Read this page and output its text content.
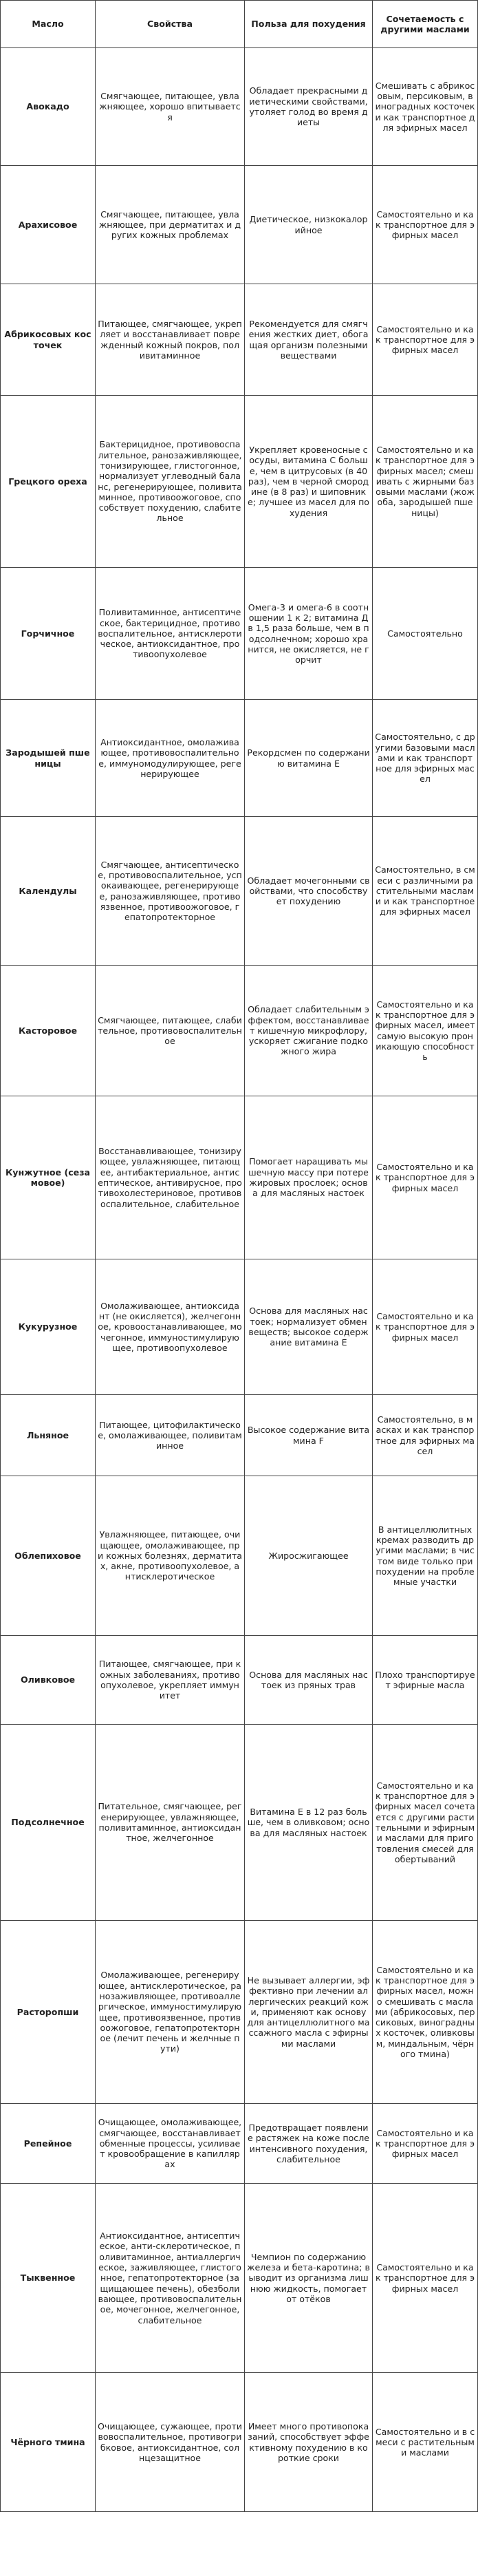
Масло	Свойства	Польза для похудения	Сочетаемость с другими маслами

Авокадо	Смягчающее, питающее, увлажняющее, хорошо впитывается	Обладает прекрасными диетическими свойствами, утоляет голод во время диеты	Смешивать с абрикосовым, персиковым, виноградных косточек и как транспортное для эфирных масел

Арахисовое	Смягчающее, питающее, увлажняющее, при дерматитах и других кожных проблемах	Диетическое, низкокалорийное	Самостоятельно и как транспортное для эфирных масел

Абрикосовых косточек	Питающее, смягчающее, укрепляет и восстанавливает поврежденный кожный покров, поливитаминное	Рекомендуется для смягчения жестких диет, обогащая организм полезными веществами	Самостоятельно и как транспортное для эфирных масел

Грецкого ореха	Бактерицидное, противовоспалительное, ранозаживляющее, тонизирующее, глистогонное, нормализует углеводный баланс, регенерирующее, поливитаминное, противоожоговое, способствует похудению, слабительное	Укрепляет кровеносные сосуды, витамина С больше, чем в цитрусовых (в 40 раз), чем в черной смородине (в 8 раз) и шиповнике; лучшее из масел для похудения	Самостоятельно и как транспортное для эфирных масел; смешивать с жирными базовыми маслами (жожоба, зародышей пшеницы)

Горчичное	Поливитаминное, антисептическое, бактерицидное, противовоспалительное, антисклеротическое, антиоксидантное, противоопухолевое	Омега-3 и омега-6 в соотношении 1 к 2; витамина Д в 1,5 раза больше, чем в подсолнечном; хорошо хранится, не окисляется, не горчит	Самостоятельно

Зародышей пшеницы	Антиоксидантное, омолаживающее, противовоспалительное, иммуномодулирующее, регенерирующее	Рекордсмен по содержанию витамина Е	Самостоятельно, с другими базовыми маслами и как транспортное для эфирных масел

Календулы	Смягчающее, антисептическое, противовоспалительное, успокаивающее, регенерирующее, ранозаживляющее, противоязвенное, противоожоговое, гепатопротекторное	Обладает мочегонными свойствами, что способствует похудению	Самостоятельно, в смеси с различными растительными маслами и как транспортное для эфирных масел

Касторовое	Смягчающее, питающее, слабительное, противовоспалительное	Обладает слабительным эффектом, восстанавливает кишечную микрофлору, ускоряет сжигание подкожного жира	Самостоятельно и как транспортное для эфирных масел, имеет самую высокую проникающую способность

Кунжутное (сезамовое)	Восстанавливающее, тонизирующее, увлажняющее, питающее, антибактериальное, антисептическое, антивирусное, противохолестериновое, противовоспалительное, слабительное	Помогает наращивать мышечную массу при потере жировых прослоек; основа для масляных настоек	Самостоятельно и как транспортное для эфирных масел

Кукурузное	Омолаживающее, антиоксидант (не окисляется), желчегонное, кровоостанавливающее, мочегонное, иммуностимулирующее, противоопухолевое	Основа для масляных настоек; нормализует обмен веществ; высокое содержание витамина Е	Самостоятельно и как транспортное для эфирных масел

Льняное	Питающее, цитофилактическое, омолаживающее, поливитаминное	Высокое содержание витамина F	Самостоятельно, в масках и как транспортное для эфирных масел

Облепиховое	Увлажняющее, питающее, очищающее, омолаживающее, при кожных болезнях, дерматитах, акне, противоопухолевое, антисклеротическое	Жиросжигающее	В антицеллюлитных кремах разводить другими маслами; в чистом виде только при похудении на проблемные участки

Оливковое	Питающее, смягчающее, при кожных заболеваниях, противоопухолевое, укрепляет иммунитет	Основа для масляных настоек из пряных трав	Плохо транспортирует эфирные масла

Подсолнечное	Питательное, смягчающее, регенерирующее, увлажняющее, поливитаминное, антиоксидантное, желчегонное	Витамина Е в 12 раз больше, чем в оливковом; основа для масляных настоек	Самостоятельно и как транспортное для эфирных масел сочетается с другими растительными и эфирными маслами для приготовления смесей для обертываний

Расторопши	Омолаживающее, регенерирующее, антисклеротическое, ранозаживляющее, противоаллергическое, иммуностимулирующее, противоязвенное, противоожоговое, гепатопротекторное (лечит печень и желчные пути)	Не вызывает аллергии, эффективно при лечении аллергических реакций кожи, применяют как основу для антицеллюлитного массажного масла с эфирными маслами	Самостоятельно и как транспортное для эфирных масел, можно смешивать с маслами (абрикосовых, персиковых, виноградных косточек, оливковым, миндальным, чёрного тмина)

Репейное	Очищающее, омолаживающее, смягчающее, восстанавливает обменные процессы, усиливает кровообращение в капиллярах	Предотвращает появление растяжек на коже после интенсивного похудения, слабительное	Самостоятельно и как транспортное для эфирных масел

Тыквенное	Антиоксидантное, антисептическое, анти-склеротическое, поливитаминное, антиаллергическое, заживляющее, глистогонное, гепатопротекторное (защищающее печень), обезболивающее, противовоспалительное, мочегонное, желчегонное, слабительное	Чемпион по содержанию железа и бета-каротина; выводит из организма лишнюю жидкость, помогает от отёков	Самостоятельно и как транспортное для эфирных масел

Чёрного тмина	Очищающее, сужающее, противовоспалительное, противогрибковое, антиоксидантное, солнцезащитное	Имеет много противопоказаний, способствует эффективному похудению в короткие сроки	Самостоятельно и в смеси с растительными маслами
